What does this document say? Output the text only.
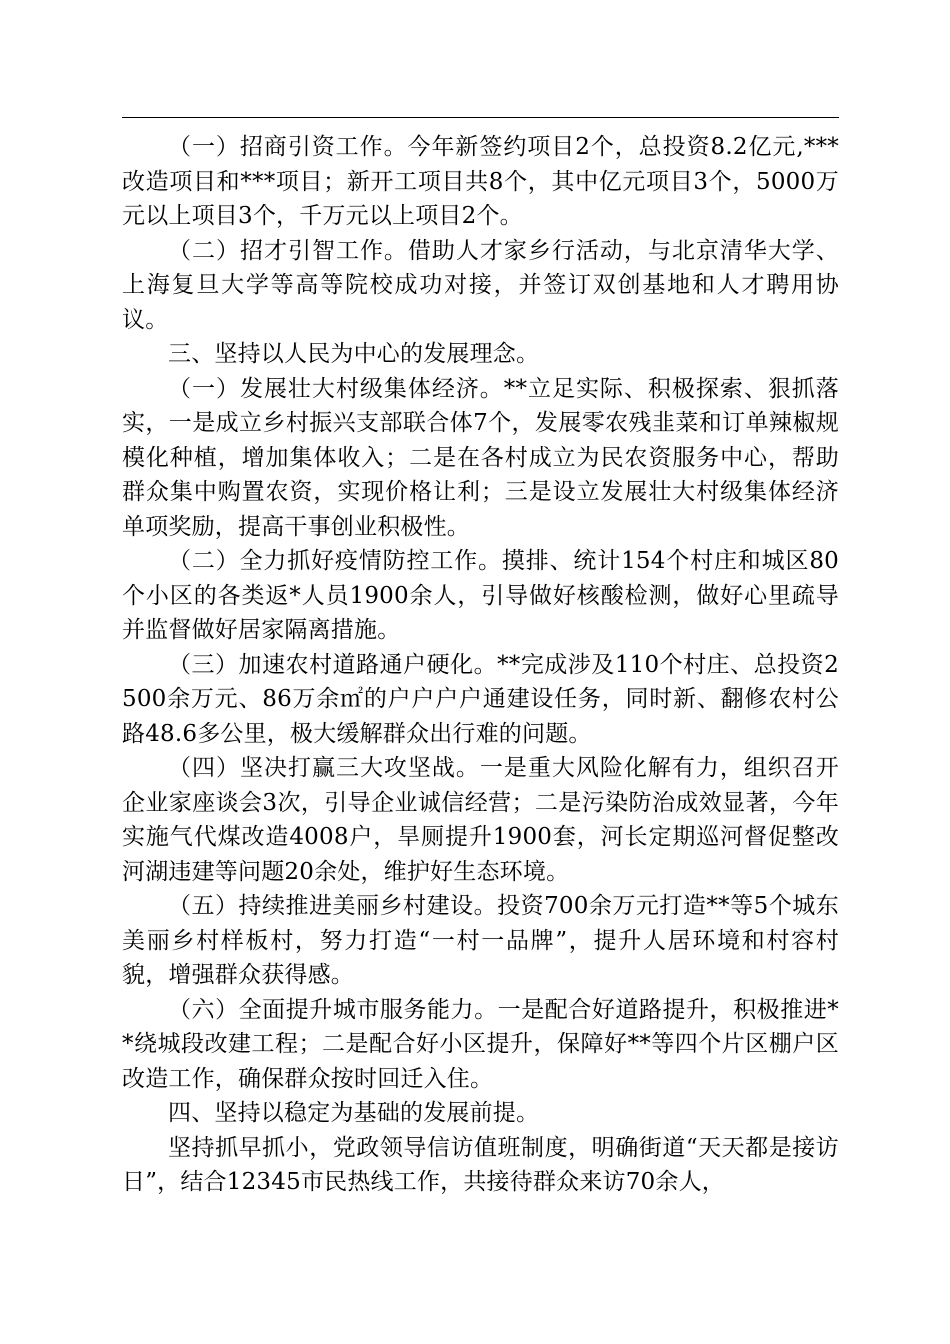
（一）招商引资工作。今年新签约项目2个，总投资8.2亿元,***改造项目和***项目；新开工项目共8个，其中亿元项目3个，5000万元以上项目3个，千万元以上项目2个。

（二）招才引智工作。借助人才家乡行活动，与北京清华大学、上海复旦大学等高等院校成功对接，并签订双创基地和人才聘用协议。

三、坚持以人民为中心的发展理念。

（一）发展壮大村级集体经济。**立足实际、积极探索、狠抓落实，一是成立乡村振兴支部联合体7个，发展零农残韭菜和订单辣椒规模化种植，增加集体收入；二是在各村成立为民农资服务中心，帮助群众集中购置农资，实现价格让利；三是设立发展壮大村级集体经济单项奖励，提高干事创业积极性。

（二）全力抓好疫情防控工作。摸排、统计154个村庄和城区80个小区的各类返*人员1900余人，引导做好核酸检测，做好心里疏导并监督做好居家隔离措施。

（三）加速农村道路通户硬化。**完成涉及110个村庄、总投资2500余万元、86万余㎡的户户户户通建设任务，同时新、翻修农村公路48.6多公里，极大缓解群众出行难的问题。

（四）坚决打赢三大攻坚战。一是重大风险化解有力，组织召开企业家座谈会3次，引导企业诚信经营；二是污染防治成效显著，今年实施气代煤改造4008户，旱厕提升1900套，河长定期巡河督促整改河湖违建等问题20余处，维护好生态环境。

（五）持续推进美丽乡村建设。投资700余万元打造**等5个城东美丽乡村样板村，努力打造“一村一品牌”，提升人居环境和村容村貌，增强群众获得感。

（六）全面提升城市服务能力。一是配合好道路提升，积极推进**绕城段改建工程；二是配合好小区提升，保障好**等四个片区棚户区改造工作，确保群众按时回迁入住。

四、坚持以稳定为基础的发展前提。

坚持抓早抓小，党政领导信访值班制度，明确街道“天天都是接访日”，结合12345市民热线工作，共接待群众来访70余人，
